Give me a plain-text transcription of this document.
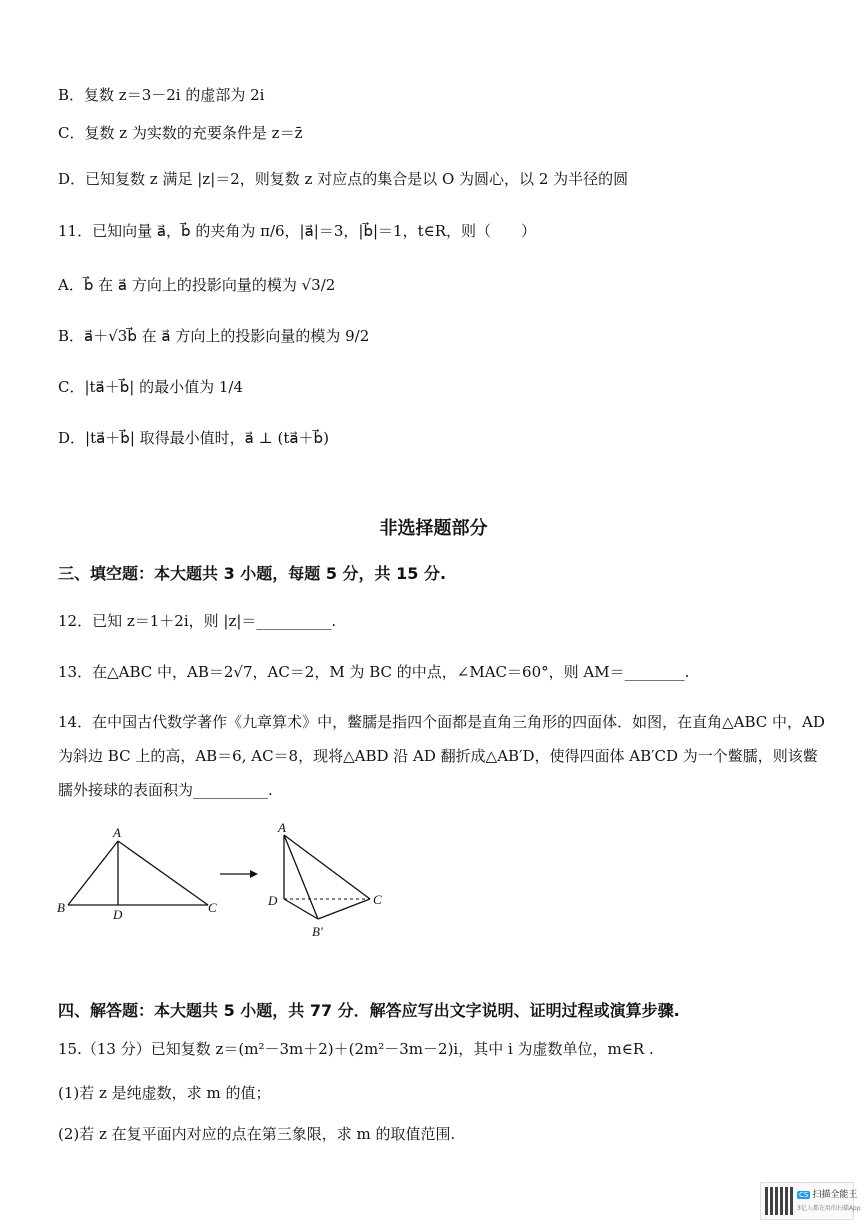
B．复数 z＝3－2i 的虚部为 2i
C．复数 z 为实数的充要条件是 z＝z̄
D．已知复数 z 满足 |z|＝2，则复数 z 对应点的集合是以 O 为圆心，以 2 为半径的圆
11．已知向量 a⃗，b⃗ 的夹角为 π/6，|a⃗|＝3，|b⃗|＝1，t∈R，则（　　）
A．b⃗ 在 a⃗ 方向上的投影向量的模为 √3/2
B．a⃗＋√3b⃗ 在 a⃗ 方向上的投影向量的模为 9/2
C．|ta⃗＋b⃗| 的最小值为 1/4
D．|ta⃗＋b⃗| 取得最小值时，a⃗ ⊥ (ta⃗＋b⃗)
非选择题部分
三、填空题：本大题共 3 小题，每题 5 分，共 15 分.
12．已知 z＝1＋2i，则 |z|＝__________.
13．在△ABC 中，AB＝2√7，AC＝2，M 为 BC 的中点，∠MAC＝60°，则 AM＝________.
14．在中国古代数学著作《九章算术》中，鳖臑是指四个面都是直角三角形的四面体．如图，在直角△ABC 中，AD 为斜边 BC 上的高，AB＝6, AC＝8，现将△ABD 沿 AD 翻折成△AB′D，使得四面体 AB′CD 为一个鳖臑，则该鳖臑外接球的表面积为__________.
A
B	C
D
A
D	C
B′
四、解答题：本大题共 5 小题，共 77 分．解答应写出文字说明、证明过程或演算步骤.
15.（13 分）已知复数 z＝(m²－3m＋2)＋(2m²－3m－2)i，其中 i 为虚数单位，m∈R .
(1)若 z 是纯虚数，求 m 的值；
(2)若 z 在复平面内对应的点在第三象限，求 m 的取值范围.
CS 扫描全能王
3亿人都在用的扫描App
